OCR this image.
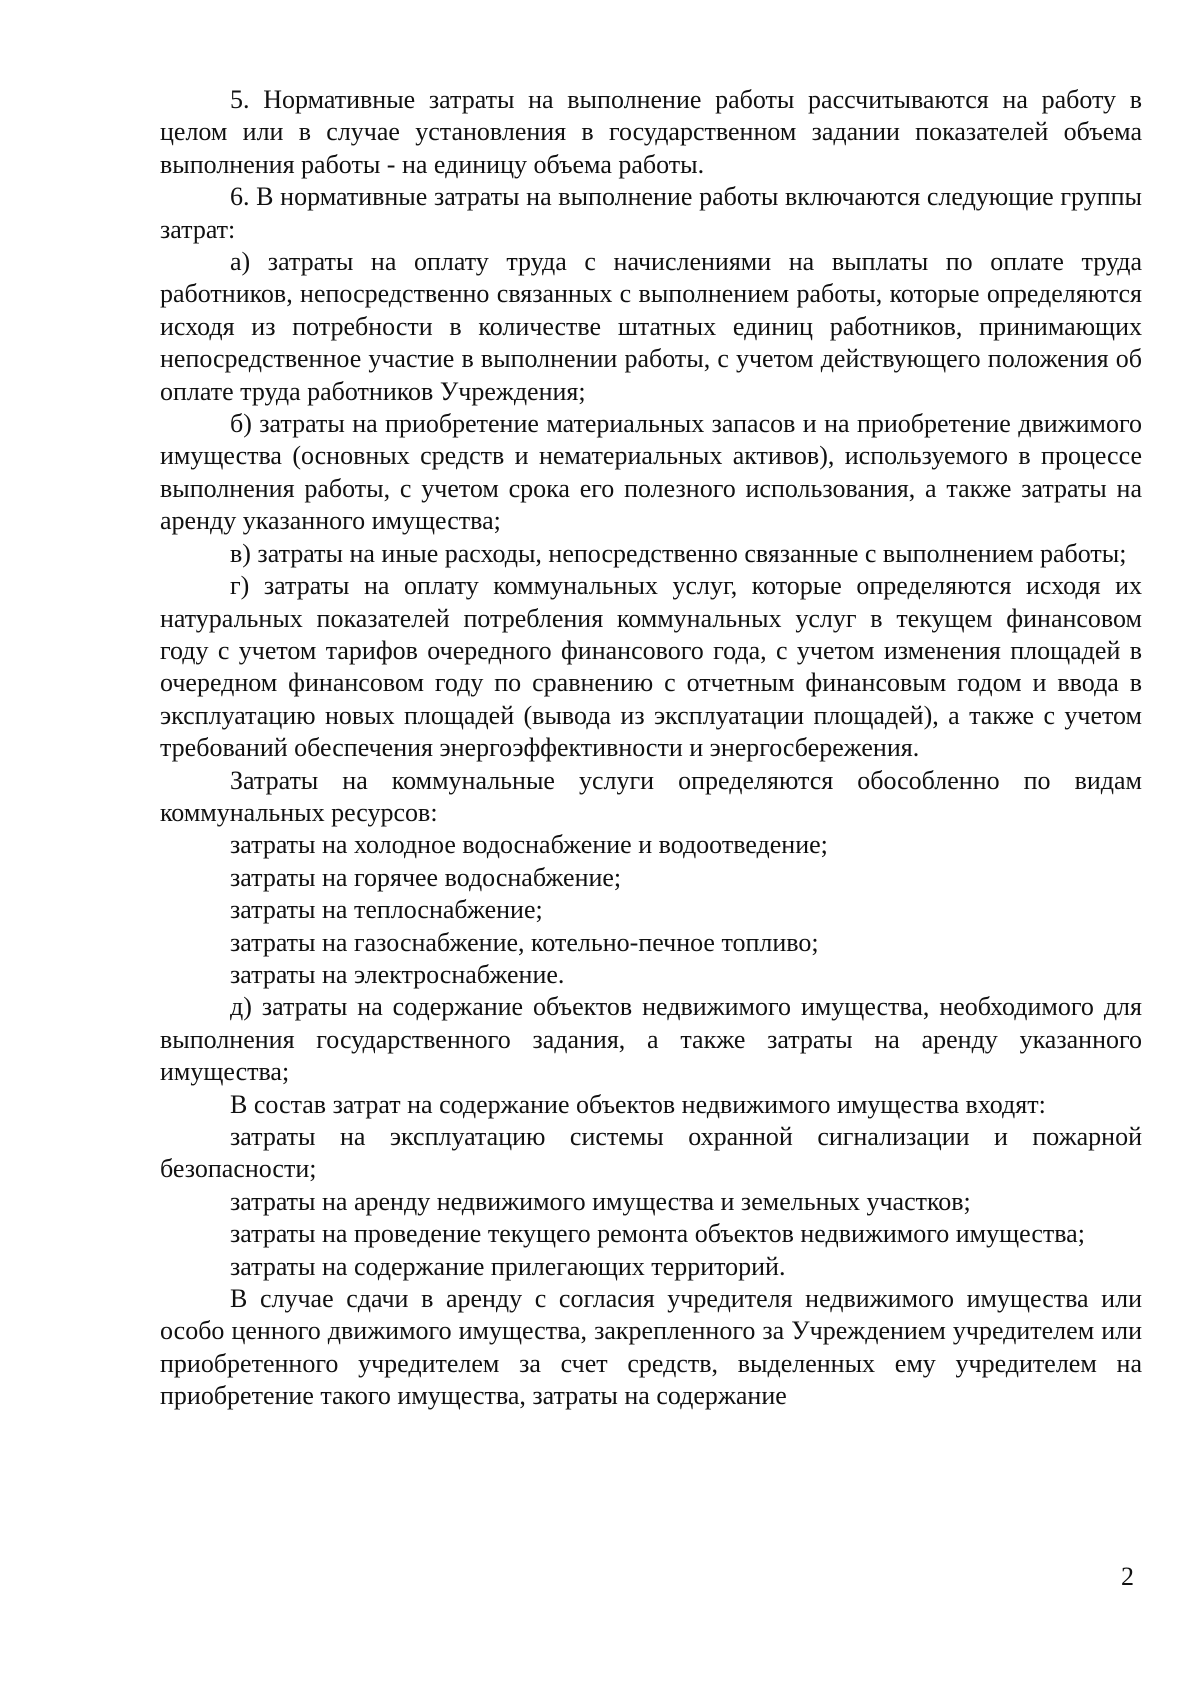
5. Нормативные затраты на выполнение работы рассчитываются на работу в целом или в случае установления в государственном задании показателей объема выполнения работы - на единицу объема работы.

6. В нормативные затраты на выполнение работы включаются следующие группы затрат:

а) затраты на оплату труда с начислениями на выплаты по оплате труда работников, непосредственно связанных с выполнением работы, которые определяются исходя из потребности в количестве штатных единиц работников, принимающих непосредственное участие в выполнении работы, с учетом действующего положения об оплате труда работников Учреждения;

б) затраты на приобретение материальных запасов и на приобретение движимого имущества (основных средств и нематериальных активов), используемого в процессе выполнения работы, с учетом срока его полезного использования, а также затраты на аренду указанного имущества;

в) затраты на иные расходы, непосредственно связанные с выполнением работы;

г) затраты на оплату коммунальных услуг, которые определяются исходя их натуральных показателей потребления коммунальных услуг в текущем финансовом году с учетом тарифов очередного финансового года, с учетом изменения площадей в очередном финансовом году по сравнению с отчетным финансовым годом и ввода в эксплуатацию новых площадей (вывода из эксплуатации площадей), а также с учетом требований обеспечения энергоэффективности и энергосбережения.

Затраты на коммунальные услуги определяются обособленно по видам коммунальных ресурсов:

затраты на холодное водоснабжение и водоотведение;

затраты на горячее водоснабжение;

затраты на теплоснабжение;

затраты на газоснабжение, котельно-печное топливо;

затраты на электроснабжение.

д) затраты на содержание объектов недвижимого имущества, необходимого для выполнения государственного задания, а также затраты на аренду указанного имущества;

В состав затрат на содержание объектов недвижимого имущества входят:

затраты на эксплуатацию системы охранной сигнализации и пожарной безопасности;

затраты на аренду недвижимого имущества и земельных участков;

затраты на проведение текущего ремонта объектов недвижимого имущества;

затраты на содержание прилегающих территорий.

В случае сдачи в аренду с согласия учредителя недвижимого имущества или особо ценного движимого имущества, закрепленного за Учреждением учредителем или приобретенного учредителем за счет средств, выделенных ему учредителем на приобретение такого имущества, затраты на содержание

2
